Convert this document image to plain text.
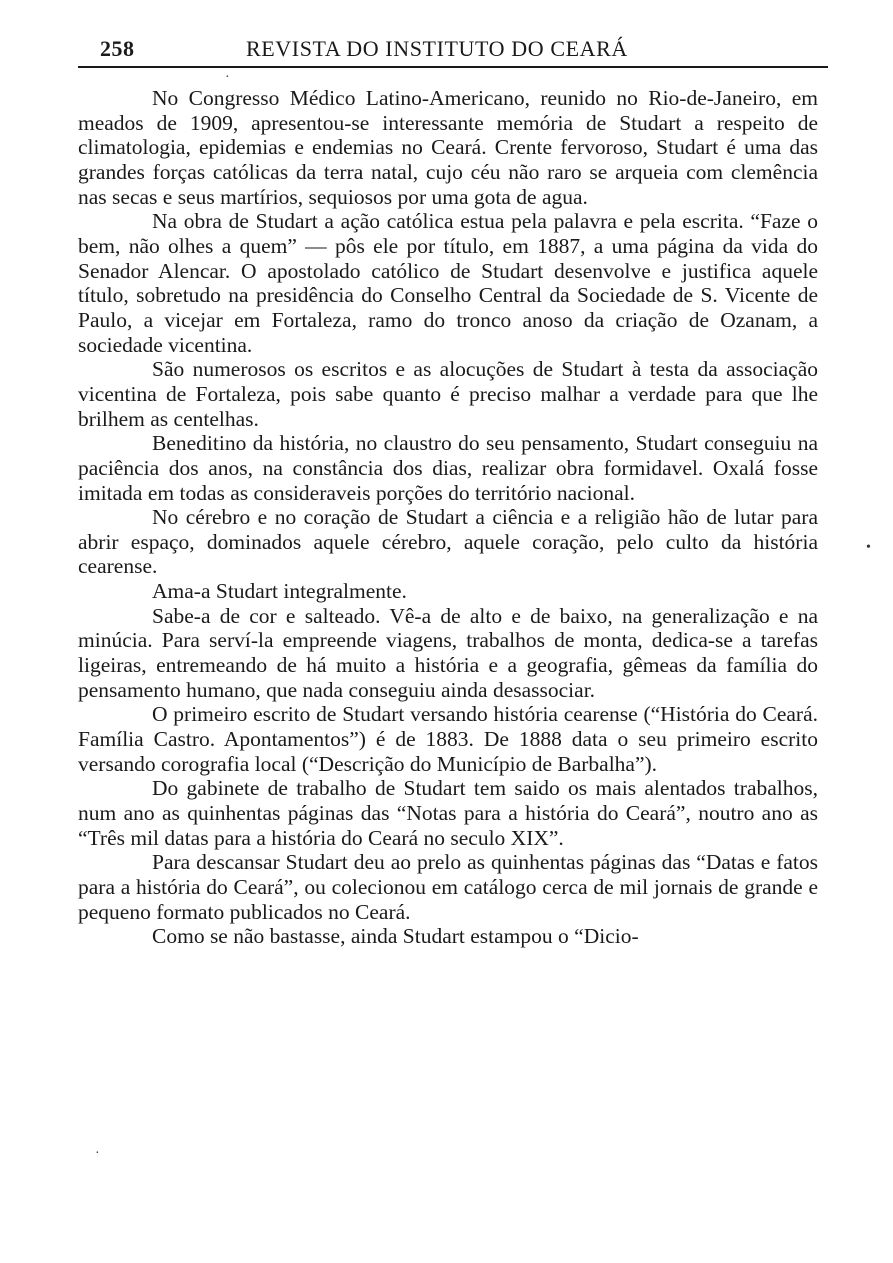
258	REVISTA DO INSTITUTO DO CEARÁ

No Congresso Médico Latino-Americano, reunido no Rio-de-Janeiro, em meados de 1909, apresentou-se interessante memória de Studart a respeito de climatologia, epidemias e endemias no Ceará. Crente fervoroso, Studart é uma das grandes forças católicas da terra natal, cujo céu não raro se arqueia com clemência nas secas e seus martírios, sequiosos por uma gota de agua.

Na obra de Studart a ação católica estua pela palavra e pela escrita. “Faze o bem, não olhes a quem” — pôs ele por título, em 1887, a uma página da vida do Senador Alencar. O apostolado católico de Studart desenvolve e justifica aquele título, sobretudo na presidência do Conselho Central da Sociedade de S. Vicente de Paulo, a vicejar em Fortaleza, ramo do tronco anoso da criação de Ozanam, a sociedade vicentina.

São numerosos os escritos e as alocuções de Studart à testa da associação vicentina de Fortaleza, pois sabe quanto é preciso malhar a verdade para que lhe brilhem as centelhas.

Beneditino da história, no claustro do seu pensamento, Studart conseguiu na paciência dos anos, na constância dos dias, realizar obra formidavel. Oxalá fosse imitada em todas as consideraveis porções do território nacional.

No cérebro e no coração de Studart a ciência e a religião hão de lutar para abrir espaço, dominados aquele cérebro, aquele coração, pelo culto da história cearense.

Ama-a Studart integralmente.

Sabe-a de cor e salteado. Vê-a de alto e de baixo, na generalização e na minúcia. Para serví-la empreende viagens, trabalhos de monta, dedica-se a tarefas ligeiras, entremeando de há muito a história e a geografia, gêmeas da família do pensamento humano, que nada conseguiu ainda desassociar.

O primeiro escrito de Studart versando história cearense (“História do Ceará. Família Castro. Apontamentos”) é de 1883. De 1888 data o seu primeiro escrito versando corografia local (“Descrição do Município de Barbalha”).

Do gabinete de trabalho de Studart tem saido os mais alentados trabalhos, num ano as quinhentas páginas das “Notas para a história do Ceará”, noutro ano as “Três mil datas para a história do Ceará no seculo XIX”.

Para descansar Studart deu ao prelo as quinhentas páginas das “Datas e fatos para a história do Ceará”, ou colecionou em catálogo cerca de mil jornais de grande e pequeno formato publicados no Ceará.

Como se não bastasse, ainda Studart estampou o “Dicio-

·
•
·
